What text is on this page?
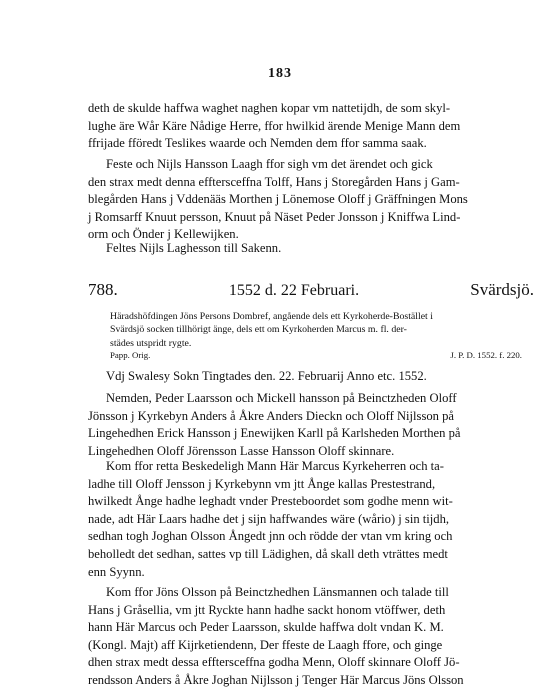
183

deth de skulde haffwa waghet naghen kopar vm nattetijdh, de som skyl-
lughe äre Wår Käre Nådige Herre, ffor hwilkid ärende Menige Mann dem
ffrijade fföredt Teslikes waarde och Nemden dem ffor samma saak.

Feste och Nijls Hansson Laagh ffor sigh vm det ärendet och gick
den strax medt denna efftersceffna Tolff, Hans j Storegården Hans j Gam-
blegården Hans j Vddenääs Morthen j Lönemose Oloff j Gräffningen Mons
j Romsarff Knuut persson, Knuut på Näset Peder Jonsson j Kniffwa Lind-
orm och Önder j Kellewijken.

Feltes Nijls Laghesson till Sakenn.

788.	1552 d. 22 Februari.	Svärdsjö.
Häradshöfdingen Jöns Persons Dombref, angående dels ett Kyrkoherde-Bostället i
Svärdsjö socken tillhörigt änge, dels ett om Kyrkoherden Marcus m. fl. der-
städes utspridt rygte.
Papp. Orig.	J. P. D. 1552. f. 220.

Vdj Swalesy Sokn Tingtades den. 22. Februarij Anno etc. 1552.

Nemden, Peder Laarsson och Mickell hansson på Beinctzheden Oloff
Jönsson j Kyrkebyn Anders å Åkre Anders Dieckn och Oloff Nijlsson på
Lingehedhen Erick Hansson j Enewijken Karll på Karlsheden Morthen på
Lingehedhen Oloff Jörensson Lasse Hansson Oloff skinnare.

Kom ffor retta Beskedeligh Mann Här Marcus Kyrkeherren och ta-
ladhe till Oloff Jensson j Kyrkebynn vm jtt Ånge kallas Prestestrand,
hwilkedt Ånge hadhe leghadt vnder Presteboordet som godhe menn wit-
nade, adt Här Laars hadhe det j sijn haffwandes wäre (wårio) j sin tijdh,
sedhan togh Joghan Olsson Ångedt jnn och rödde der vtan vm kring och
beholledt det sedhan, sattes vp till Lädighen, då skall deth vträttes medt
enn Syynn.

Kom ffor Jöns Olsson på Beinctzhedhen Länsmannen och talade till
Hans j Gråsellia, vm jtt Ryckte hann hadhe sackt honom vtöffwer, deth
hann Här Marcus och Peder Laarsson, skulde haffwa dolt vndan K. M.
(Kongl. Majt) aff Kijrketiendenn, Der ffeste de Laagh ffore, och ginge
dhen strax medt dessa efftersceffna godha Menn, Oloff skinnare Oloff Jö-
rendsson Anders å Åkre Joghan Nijlsson j Tenger Här Marcus Jöns Olsson
